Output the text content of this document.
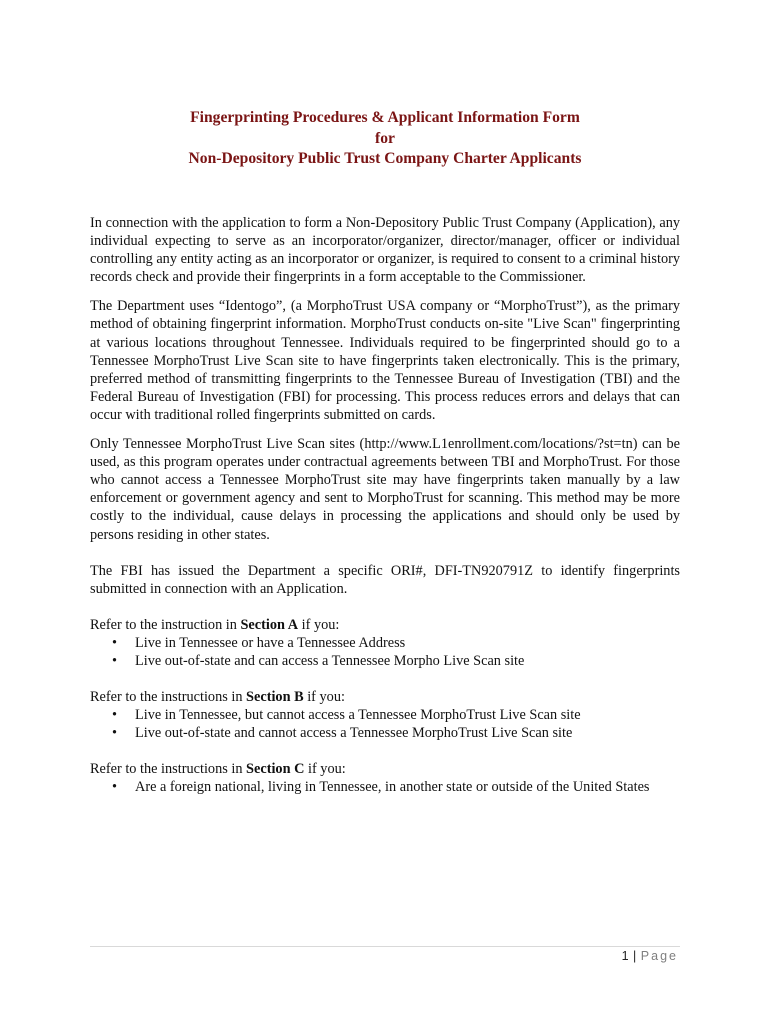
Fingerprinting Procedures & Applicant Information Form
for
Non-Depository Public Trust Company Charter Applicants

In connection with the application to form a Non-Depository Public Trust Company (Application), any individual expecting to serve as an incorporator/organizer, director/manager, officer or individual controlling any entity acting as an incorporator or organizer, is required to consent to a criminal history records check and provide their fingerprints in a form acceptable to the Commissioner.

The Department uses “Identogo”, (a MorphoTrust USA company or “MorphoTrust”), as the primary method of obtaining fingerprint information. MorphoTrust conducts on-site "Live Scan" fingerprinting at various locations throughout Tennessee. Individuals required to be fingerprinted should go to a Tennessee MorphoTrust Live Scan site to have fingerprints taken electronically. This is the primary, preferred method of transmitting fingerprints to the Tennessee Bureau of Investigation (TBI) and the Federal Bureau of Investigation (FBI) for processing. This process reduces errors and delays that can occur with traditional rolled fingerprints submitted on cards.

Only Tennessee MorphoTrust Live Scan sites (http://www.L1enrollment.com/locations/?st=tn) can be used, as this program operates under contractual agreements between TBI and MorphoTrust. For those who cannot access a Tennessee MorphoTrust site may have fingerprints taken manually by a law enforcement or government agency and sent to MorphoTrust for scanning. This method may be more costly to the individual, cause delays in processing the applications and should only be used by persons residing in other states.

The FBI has issued the Department a specific ORI#, DFI-TN920791Z to identify fingerprints submitted in connection with an Application.

Refer to the instruction in Section A if you:

• Live in Tennessee or have a Tennessee Address
• Live out-of-state and can access a Tennessee Morpho Live Scan site

Refer to the instructions in Section B if you:

• Live in Tennessee, but cannot access a Tennessee MorphoTrust Live Scan site
• Live out-of-state and cannot access a Tennessee MorphoTrust Live Scan site

Refer to the instructions in Section C if you:

• Are a foreign national, living in Tennessee, in another state or outside of the United States
1 | Page
